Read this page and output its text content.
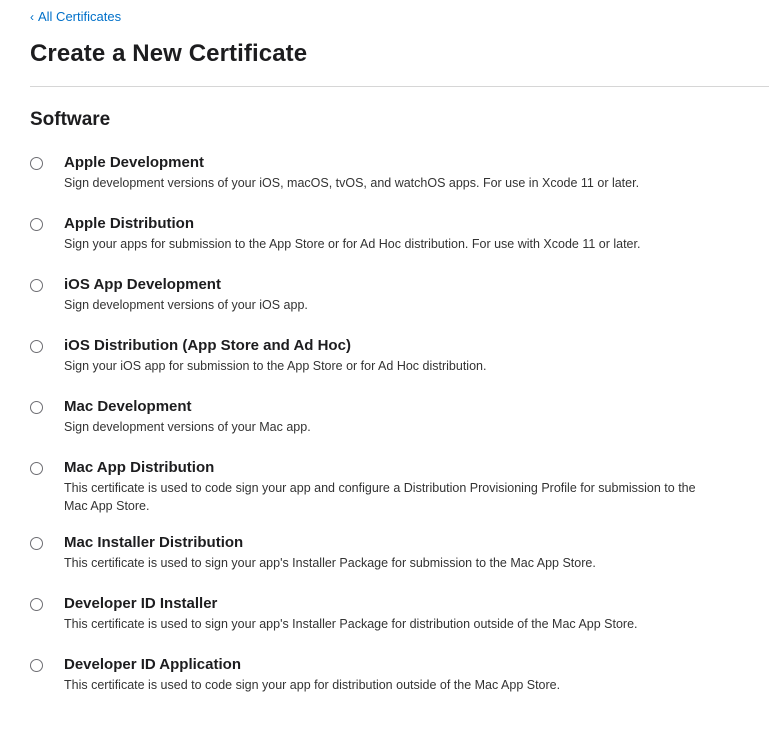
‹ All Certificates
Create a New Certificate
Software
Apple Development
Sign development versions of your iOS, macOS, tvOS, and watchOS apps. For use in Xcode 11 or later.
Apple Distribution
Sign your apps for submission to the App Store or for Ad Hoc distribution. For use with Xcode 11 or later.
iOS App Development
Sign development versions of your iOS app.
iOS Distribution (App Store and Ad Hoc)
Sign your iOS app for submission to the App Store or for Ad Hoc distribution.
Mac Development
Sign development versions of your Mac app.
Mac App Distribution
This certificate is used to code sign your app and configure a Distribution Provisioning Profile for submission to the Mac App Store.
Mac Installer Distribution
This certificate is used to sign your app's Installer Package for submission to the Mac App Store.
Developer ID Installer
This certificate is used to sign your app's Installer Package for distribution outside of the Mac App Store.
Developer ID Application
This certificate is used to code sign your app for distribution outside of the Mac App Store.
